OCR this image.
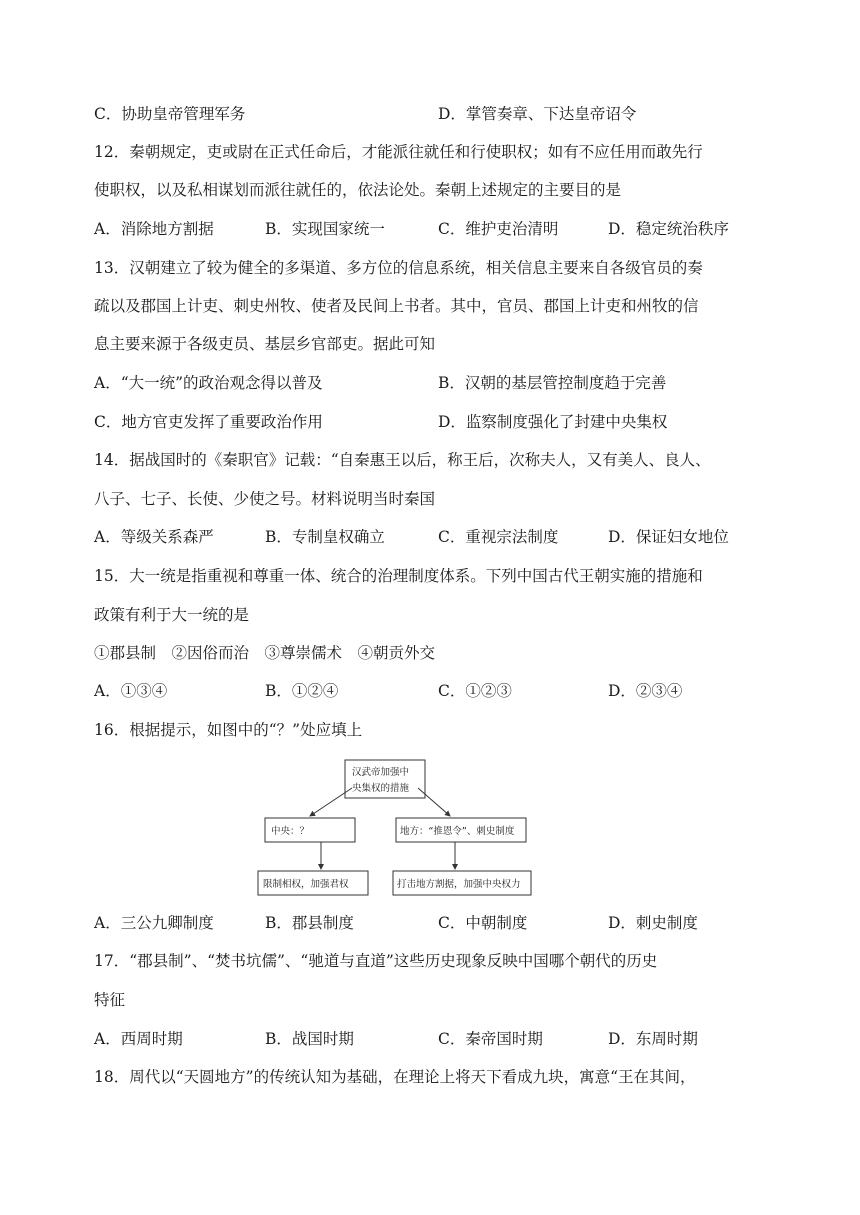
C．协助皇帝管理军务	D．掌管奏章、下达皇帝诏令
12．秦朝规定，吏或尉在正式任命后，才能派往就任和行使职权；如有不应任用而敢先行
使职权，以及私相谋划而派往就任的，依法论处。秦朝上述规定的主要目的是
A．消除地方割据	B．实现国家统一	C．维护吏治清明	D．稳定统治秩序
13．汉朝建立了较为健全的多渠道、多方位的信息系统，相关信息主要来自各级官员的奏
疏以及郡国上计吏、刺史州牧、使者及民间上书者。其中，官员、郡国上计吏和州牧的信
息主要来源于各级吏员、基层乡官部吏。据此可知
A．“大一统”的政治观念得以普及	B．汉朝的基层管控制度趋于完善
C．地方官吏发挥了重要政治作用	D．监察制度强化了封建中央集权
14．据战国时的《秦职官》记载：“自秦惠王以后，称王后，次称夫人，又有美人、良人、
八子、七子、长使、少使之号。材料说明当时秦国
A．等级关系森严	B．专制皇权确立	C．重视宗法制度	D．保证妇女地位
15．大一统是指重视和尊重一体、统合的治理制度体系。下列中国古代王朝实施的措施和
政策有利于大一统的是
①郡县制　②因俗而治　③尊崇儒术　④朝贡外交
A．①③④	B．①②④	C．①②③	D．②③④
16．根据提示，如图中的“？”处应填上
汉武帝加强中
央集权的措施
中央：？	地方：“推恩令”、刺史制度
限制相权，加强君权	打击地方割据，加强中央权力
A．三公九卿制度	B．郡县制度	C．中朝制度	D．刺史制度
17．“郡县制”、“焚书坑儒”、“驰道与直道”这些历史现象反映中国哪个朝代的历史
特征
A．西周时期	B．战国时期	C．秦帝国时期	D．东周时期
18．周代以“天圆地方”的传统认知为基础，在理论上将天下看成九块，寓意“王在其间，
